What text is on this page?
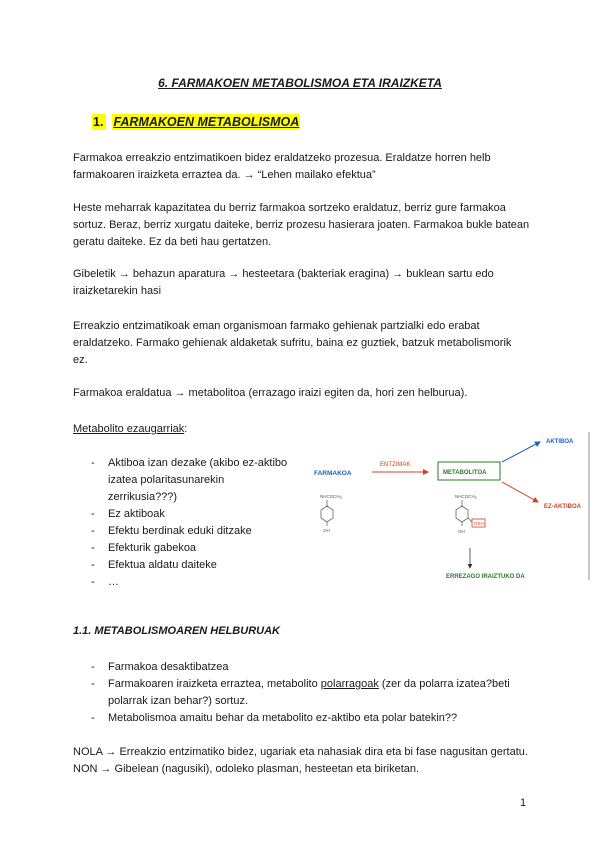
6. FARMAKOEN METABOLISMOA ETA IRAIZKETA
1. FARMAKOEN METABOLISMOA
Farmakoa erreakzio entzimatikoen bidez eraldatzeko prozesua. Eraldatze horren helb
farmakoaren iraizketa erraztea da. → “Lehen mailako efektua”
Heste meharrak kapazitatea du berriz farmakoa sortzeko eraldatuz, berriz gure farmakoa
sortuz. Beraz, berriz xurgatu daiteke, berriz prozesu hasierara joaten. Farmakoa bukle batean
geratu daiteke. Ez da beti hau gertatzen.
Gibeletik → behazun aparatura → hesteetara (bakteriak eragina) → buklean sartu edo
iraizketarekin hasi
Erreakzio entzimatikoak eman organismoan farmako gehienak partzialki edo erabat
eraldatzeko. Farmako gehienak aldaketak sufritu, baina ez guztiek, batzuk metabolismorik
ez.
Farmakoa eraldatua → metabolitoa (errazago iraizi egiten da, hori zen helburua).
Metabolito ezaugarriak:
- Aktiboa izan dezake (akibo ez-aktibo izatea polaritasunarekin zerrikusia???)
- Ez aktiboak
- Efektu berdinak eduki ditzake
- Efekturik gabekoa
- Efektua aldatu daiteke
- …
FARMAKOA
ENTZIMAK
METABOLITOA
AKTIBOA
EZ-AKTIBOA
$NHCOCH_3$
OH
$NHCOCH_3$
GSH
OH
ERREZAGO IRAIZTUKO DA
1.1. METABOLISMOAREN HELBURUAK
- Farmakoa desaktibatzea
- Farmakoaren iraizketa erraztea, metabolito polarragoak (zer da polarra izatea?beti polarrak izan behar?) sortuz.
- Metabolismoa amaitu behar da metabolito ez-aktibo eta polar batekin??
NOLA → Erreakzio entzimatiko bidez, ugariak eta nahasiak dira eta bi fase nagusitan gertatu.
NON → Gibelean (nagusiki), odoleko plasman, hesteetan eta biriketan.
1
